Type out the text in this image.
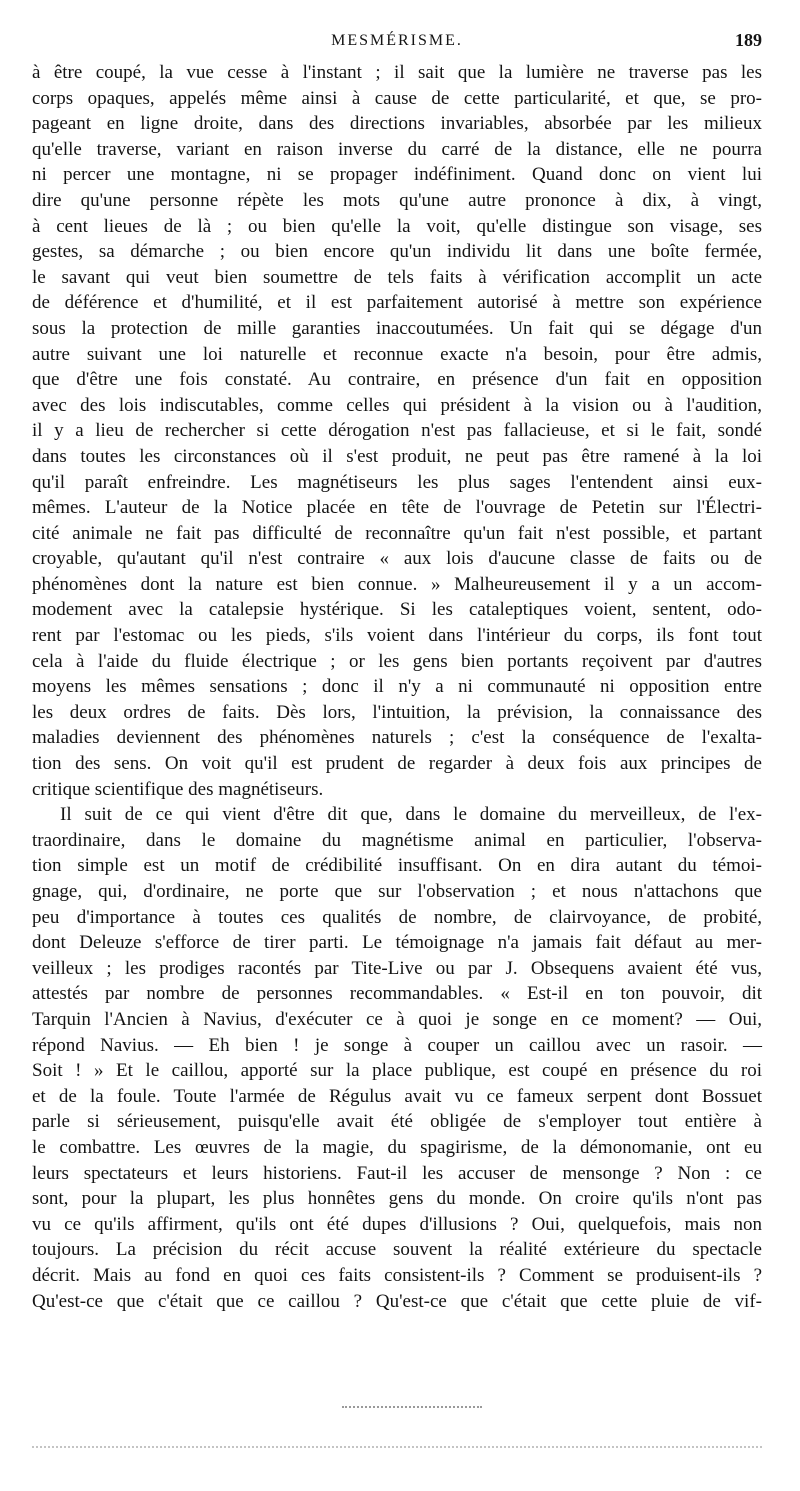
MESMÉRISME.	189
à être coupé, la vue cesse à l'instant ; il sait que la lumière ne traverse pas les
corps opaques, appelés même ainsi à cause de cette particularité, et que, se pro-
pageant en ligne droite, dans des directions invariables, absorbée par les milieux
qu'elle traverse, variant en raison inverse du carré de la distance, elle ne pourra
ni percer une montagne, ni se propager indéfiniment. Quand donc on vient lui
dire qu'une personne répète les mots qu'une autre prononce à dix, à vingt,
à cent lieues de là ; ou bien qu'elle la voit, qu'elle distingue son visage, ses
gestes, sa démarche ; ou bien encore qu'un individu lit dans une boîte fermée,
le savant qui veut bien soumettre de tels faits à vérification accomplit un acte
de déférence et d'humilité, et il est parfaitement autorisé à mettre son expérience
sous la protection de mille garanties inaccoutumées. Un fait qui se dégage d'un
autre suivant une loi naturelle et reconnue exacte n'a besoin, pour être admis,
que d'être une fois constaté. Au contraire, en présence d'un fait en opposition
avec des lois indiscutables, comme celles qui président à la vision ou à l'audition,
il y a lieu de rechercher si cette dérogation n'est pas fallacieuse, et si le fait, sondé
dans toutes les circonstances où il s'est produit, ne peut pas être ramené à la loi
qu'il paraît enfreindre. Les magnétiseurs les plus sages l'entendent ainsi eux-
mêmes. L'auteur de la Notice placée en tête de l'ouvrage de Petetin sur l'Électri-
cité animale ne fait pas difficulté de reconnaître qu'un fait n'est possible, et partant
croyable, qu'autant qu'il n'est contraire « aux lois d'aucune classe de faits ou de
phénomènes dont la nature est bien connue. » Malheureusement il y a un accom-
modement avec la catalepsie hystérique. Si les cataleptiques voient, sentent, odo-
rent par l'estomac ou les pieds, s'ils voient dans l'intérieur du corps, ils font tout
cela à l'aide du fluide électrique ; or les gens bien portants reçoivent par d'autres
moyens les mêmes sensations ; donc il n'y a ni communauté ni opposition entre
les deux ordres de faits. Dès lors, l'intuition, la prévision, la connaissance des
maladies deviennent des phénomènes naturels ; c'est la conséquence de l'exalta-
tion des sens. On voit qu'il est prudent de regarder à deux fois aux principes de
critique scientifique des magnétiseurs.
Il suit de ce qui vient d'être dit que, dans le domaine du merveilleux, de l'ex-
traordinaire, dans le domaine du magnétisme animal en particulier, l'observa-
tion simple est un motif de crédibilité insuffisant. On en dira autant du témoi-
gnage, qui, d'ordinaire, ne porte que sur l'observation ; et nous n'attachons que
peu d'importance à toutes ces qualités de nombre, de clairvoyance, de probité,
dont Deleuze s'efforce de tirer parti. Le témoignage n'a jamais fait défaut au mer-
veilleux ; les prodiges racontés par Tite-Live ou par J. Obsequens avaient été vus,
attestés par nombre de personnes recommandables. « Est-il en ton pouvoir, dit
Tarquin l'Ancien à Navius, d'exécuter ce à quoi je songe en ce moment? — Oui,
répond Navius. — Eh bien ! je songe à couper un caillou avec un rasoir. —
Soit ! » Et le caillou, apporté sur la place publique, est coupé en présence du roi
et de la foule. Toute l'armée de Régulus avait vu ce fameux serpent dont Bossuet
parle si sérieusement, puisqu'elle avait été obligée de s'employer tout entière à
le combattre. Les œuvres de la magie, du spagirisme, de la démonomanie, ont eu
leurs spectateurs et leurs historiens. Faut-il les accuser de mensonge ? Non : ce
sont, pour la plupart, les plus honnêtes gens du monde. On croire qu'ils n'ont pas
vu ce qu'ils affirment, qu'ils ont été dupes d'illusions ? Oui, quelquefois, mais non
toujours. La précision du récit accuse souvent la réalité extérieure du spectacle
décrit. Mais au fond en quoi ces faits consistent-ils ? Comment se produisent-ils ?
Qu'est-ce que c'était que ce caillou ? Qu'est-ce que c'était que cette pluie de vif-
